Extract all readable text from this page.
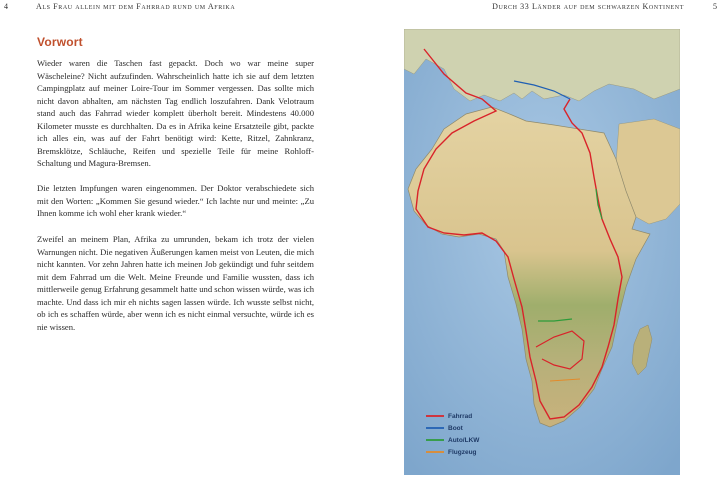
4	Als Frau allein mit dem Fahrrad rund um Afrika	Durch 33 Länder auf dem schwarzen Kontinent	5
Vorwort

Wieder waren die Taschen fast gepackt. Doch wo war meine super Wäscheleine? Nicht aufzufinden. Wahrscheinlich hatte ich sie auf dem letzten Campingplatz auf meiner Loire-Tour im Sommer vergessen. Das sollte mich nicht davon abhalten, am nächsten Tag endlich loszufahren. Dank Velotraum stand auch das Fahrrad wieder komplett überholt bereit. Mindestens 40.000 Kilometer musste es durchhalten. Da es in Afrika keine Ersatzteile gibt, packte ich alles ein, was auf der Fahrt benötigt wird: Kette, Ritzel, Zahnkranz, Bremsklötze, Schläuche, Reifen und spezielle Teile für meine Rohloff-Schaltung und Magura-Bremsen.

Die letzten Impfungen waren eingenommen. Der Doktor verabschiedete sich mit den Worten: „Kommen Sie gesund wieder.“ Ich lachte nur und meinte: „Zu Ihnen komme ich wohl eher krank wieder.“

Zweifel an meinem Plan, Afrika zu umrunden, bekam ich trotz der vielen Warnungen nicht. Die negativen Äußerungen kamen meist von Leuten, die mich nicht kannten. Vor zehn Jahren hatte ich meinen Job gekündigt und fuhr seitdem mit dem Fahrrad um die Welt. Meine Freunde und Familie wussten, dass ich mittlerweile genug Erfahrung gesammelt hatte und schon wissen würde, was ich machte. Und dass ich mir eh nichts sagen lassen würde. Ich wusste selbst nicht, ob ich es schaffen würde, aber wenn ich es nicht einmal versuchte, würde ich es nie wissen.

Fahrrad
Boot
Auto/LKW
Flugzeug
